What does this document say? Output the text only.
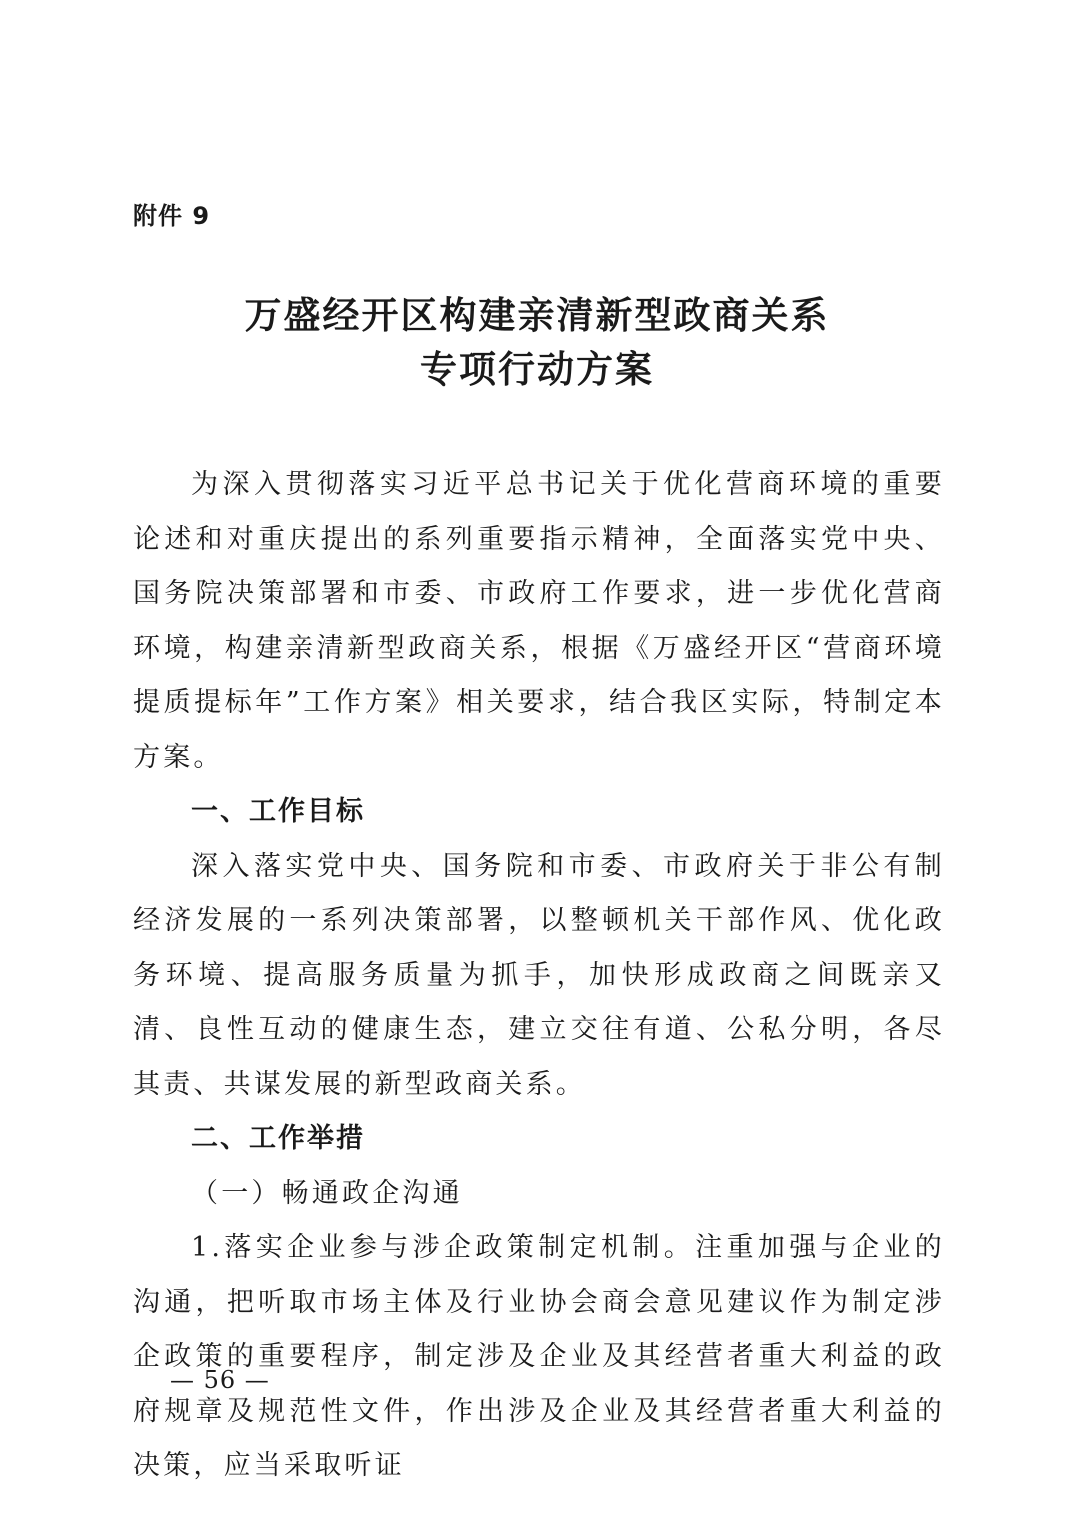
附件 9
万盛经开区构建亲清新型政商关系
专项行动方案

为深入贯彻落实习近平总书记关于优化营商环境的重要论述和对重庆提出的系列重要指示精神，全面落实党中央、国务院决策部署和市委、市政府工作要求，进一步优化营商环境，构建亲清新型政商关系，根据《万盛经开区“营商环境提质提标年”工作方案》相关要求，结合我区实际，特制定本方案。

一、工作目标

深入落实党中央、国务院和市委、市政府关于非公有制经济发展的一系列决策部署，以整顿机关干部作风、优化政务环境、提高服务质量为抓手，加快形成政商之间既亲又清、良性互动的健康生态，建立交往有道、公私分明，各尽其责、共谋发展的新型政商关系。

二、工作举措

（一）畅通政企沟通

1.落实企业参与涉企政策制定机制。注重加强与企业的沟通，把听取市场主体及行业协会商会意见建议作为制定涉企政策的重要程序，制定涉及企业及其经营者重大利益的政府规章及规范性文件，作出涉及企业及其经营者重大利益的决策，应当采取听证

— 56 —
